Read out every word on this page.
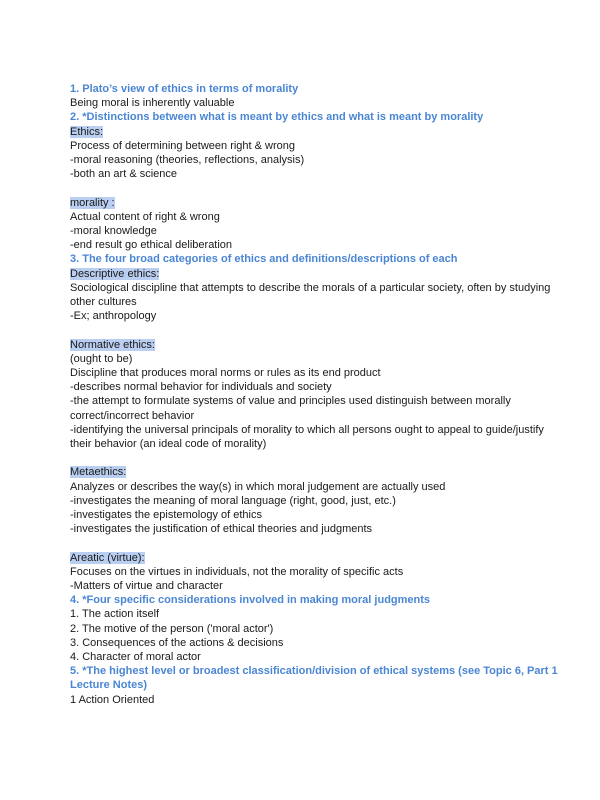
1. Plato’s view of ethics in terms of morality
Being moral is inherently valuable
2. *Distinctions between what is meant by ethics and what is meant by morality
Ethics:
Process of determining between right & wrong
-moral reasoning (theories, reflections, analysis)
-both an art & science
morality :
Actual content of right & wrong
-moral knowledge
-end result go ethical deliberation
3. The four broad categories of ethics and definitions/descriptions of each
Descriptive ethics:
Sociological discipline that attempts to describe the morals of a particular society, often by studying other cultures
-Ex; anthropology
Normative ethics:
(ought to be)
Discipline that produces moral norms or rules as its end product
-describes normal behavior for individuals and society
-the attempt to formulate systems of value and principles used distinguish between morally correct/incorrect behavior
-identifying the universal principals of morality to which all persons ought to appeal to guide/justify their behavior (an ideal code of morality)
Metaethics:
Analyzes or describes the way(s) in which moral judgement are actually used
-investigates the meaning of moral language (right, good, just, etc.)
-investigates the epistemology of ethics
-investigates the justification of ethical theories and judgments
Areatic (virtue):
Focuses on the virtues in individuals, not the morality of specific acts
-Matters of virtue and character
4. *Four specific considerations involved in making moral judgments
1. The action itself
2. The motive of the person ('moral actor')
3. Consequences of the actions & decisions
4. Character of moral actor
5. *The highest level or broadest classification/division of ethical systems (see Topic 6, Part 1 Lecture Notes)
1 Action Oriented
